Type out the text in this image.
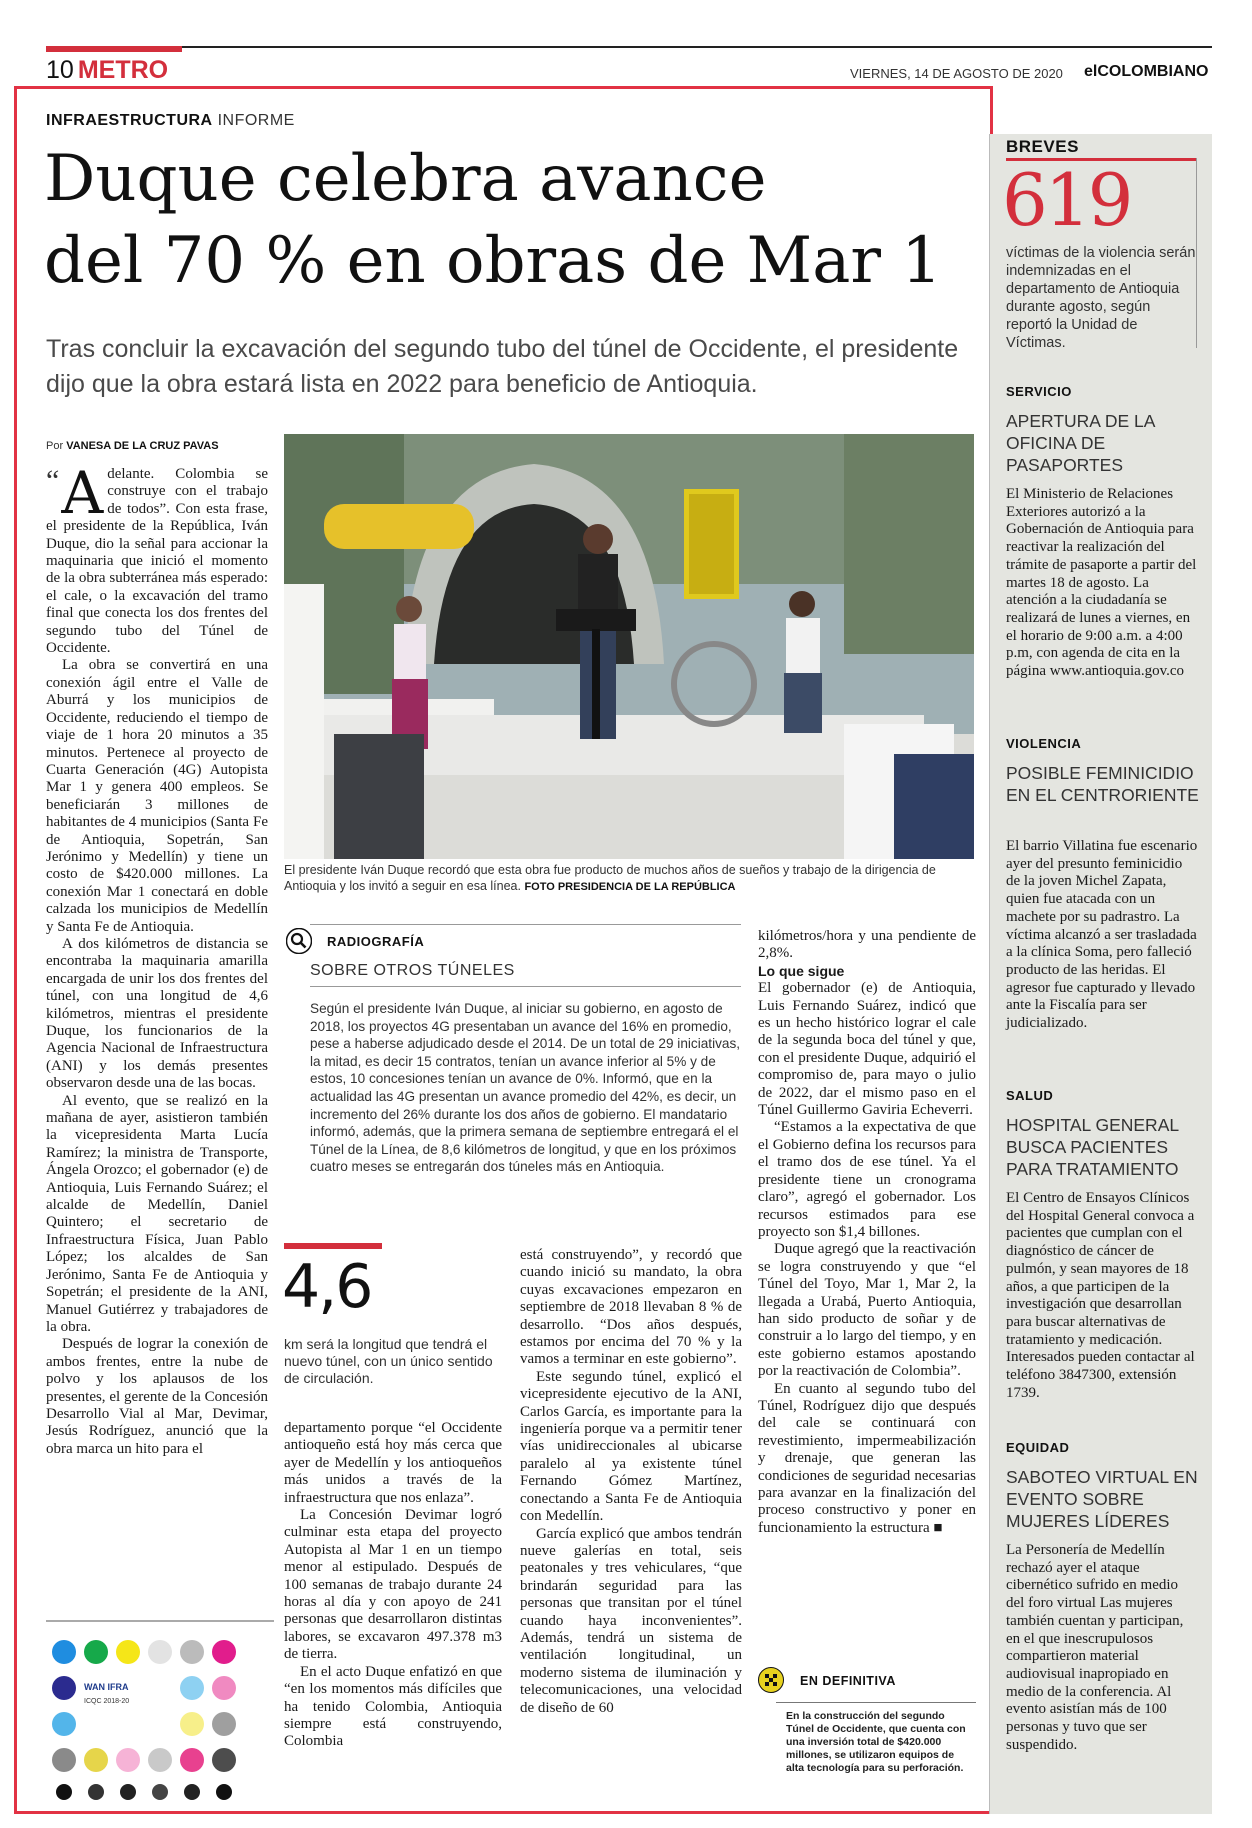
10 METRO	VIERNES, 14 DE AGOSTO DE 2020 elCOLOMBIANO
INFRAESTRUCTURA INFORME
Duque celebra avance
del 70 % en obras de Mar 1
Tras concluir la excavación del segundo tubo del túnel de Occidente, el presidente dijo que la obra estará lista en 2022 para beneficio de Antioquia.
Por VANESA DE LA CRUZ PAVAS

“ A delante. Colombia se construye con el trabajo de todos”. Con esta frase, el presidente de la República, Iván Duque, dio la señal para accionar la maquinaria que inició el momento de la obra subterránea más esperado: el cale, o la excavación del tramo final que conecta los dos frentes del segundo tubo del Túnel de Occidente.

La obra se convertirá en una conexión ágil entre el Valle de Aburrá y los municipios de Occidente, reduciendo el tiempo de viaje de 1 hora 20 minutos a 35 minutos. Pertenece al proyecto de Cuarta Generación (4G) Autopista Mar 1 y genera 400 empleos. Se beneficiarán 3 millones de habitantes de 4 municipios (Santa Fe de Antioquia, Sopetrán, San Jerónimo y Medellín) y tiene un costo de $420.000 millones. La conexión Mar 1 conectará en doble calzada los municipios de Medellín y Santa Fe de Antioquia.

A dos kilómetros de distancia se encontraba la maquinaria amarilla encargada de unir los dos frentes del túnel, con una longitud de 4,6 kilómetros, mientras el presidente Duque, los funcionarios de la Agencia Nacional de Infraestructura (ANI) y los demás presentes observaron desde una de las bocas.

Al evento, que se realizó en la mañana de ayer, asistieron también la vicepresidenta Marta Lucía Ramírez; la ministra de Transporte, Ángela Orozco; el gobernador (e) de Antioquia, Luis Fernando Suárez; el alcalde de Medellín, Daniel Quintero; el secretario de Infraestructura Física, Juan Pablo López; los alcaldes de San Jerónimo, Santa Fe de Antioquia y Sopetrán; el presidente de la ANI, Manuel Gutiérrez y trabajadores de la obra.

Después de lograr la conexión de ambos frentes, entre la nube de polvo y los aplausos de los presentes, el gerente de la Concesión Desarrollo Vial al Mar, Devimar, Jesús Rodríguez, anunció que la obra marca un hito para el

El presidente Iván Duque recordó que esta obra fue producto de muchos años de sueños y trabajo de la dirigencia de Antioquia y los invitó a seguir en esa línea. FOTO PRESIDENCIA DE LA REPÚBLICA
RADIOGRAFÍA
SOBRE OTROS TÚNELES
Según el presidente Iván Duque, al iniciar su gobierno, en agosto de 2018, los proyectos 4G presentaban un avance del 16% en promedio, pese a haberse adjudicado desde el 2014. De un total de 29 iniciativas, la mitad, es decir 15 contratos, tenían un avance inferior al 5% y de estos, 10 concesiones tenían un avance de 0%. Informó, que en la actualidad las 4G presentan un avance promedio del 42%, es decir, un incremento del 26% durante los dos años de gobierno. El mandatario informó, además, que la primera semana de septiembre entregará el el Túnel de la Línea, de 8,6 kilómetros de longitud, y que en los próximos cuatro meses se entregarán dos túneles más en Antioquia.
4,6
km será la longitud que tendrá el nuevo túnel, con un único sentido de circulación.

departamento porque “el Occidente antioqueño está hoy más cerca que ayer de Medellín y los antioqueños más unidos a través de la infraestructura que nos enlaza”.

La Concesión Devimar logró culminar esta etapa del proyecto Autopista al Mar 1 en un tiempo menor al estipulado. Después de 100 semanas de trabajo durante 24 horas al día y con apoyo de 241 personas que desarrollaron distintas labores, se excavaron 497.378 m3 de tierra.

En el acto Duque enfatizó en que “en los momentos más difíciles que ha tenido Colombia, Antioquia siempre está construyendo, Colombia

está construyendo”, y recordó que cuando inició su mandato, la obra cuyas excavaciones empezaron en septiembre de 2018 llevaban 8 % de desarrollo. “Dos años después, estamos por encima del 70 % y la vamos a terminar en este gobierno”.

Este segundo túnel, explicó el vicepresidente ejecutivo de la ANI, Carlos García, es importante para la ingeniería porque va a permitir tener vías unidireccionales al ubicarse paralelo al ya existente túnel Fernando Gómez Martínez, conectando a Santa Fe de Antioquia con Medellín.

García explicó que ambos tendrán nueve galerías en total, seis peatonales y tres vehiculares, “que brindarán seguridad para las personas que transitan por el túnel cuando haya inconvenientes”. Además, tendrá un sistema de ventilación longitudinal, un moderno sistema de iluminación y telecomunicaciones, una velocidad de diseño de 60

kilómetros/hora y una pendiente de 2,8%.

Lo que sigue

El gobernador (e) de Antioquia, Luis Fernando Suárez, indicó que es un hecho histórico lograr el cale de la segunda boca del túnel y que, con el presidente Duque, adquirió el compromiso de, para mayo o julio de 2022, dar el mismo paso en el Túnel Guillermo Gaviria Echeverri.

“Estamos a la expectativa de que el Gobierno defina los recursos para el tramo dos de ese túnel. Ya el presidente tiene un cronograma claro”, agregó el gobernador. Los recursos estimados para ese proyecto son $1,4 billones.

Duque agregó que la reactivación se logra construyendo y que “el Túnel del Toyo, Mar 1, Mar 2, la llegada a Urabá, Puerto Antioquia, han sido producto de soñar y de construir a lo largo del tiempo, y en este gobierno estamos apostando por la reactivación de Colombia”.

En cuanto al segundo tubo del Túnel, Rodríguez dijo que después del cale se continuará con revestimiento, impermeabilización y drenaje, que generan las condiciones de seguridad necesarias para avanzar en la finalización del proceso constructivo y poner en funcionamiento la estructura ■

EN DEFINITIVA
En la construcción del segundo Túnel de Occidente, que cuenta con una inversión total de $420.000 millones, se utilizaron equipos de alta tecnología para su perforación.
WAN IFRA
ICQC 2018-20
BREVES
619
víctimas de la violencia serán indemnizadas en el departamento de Antioquia durante agosto, según reportó la Unidad de Víctimas.
SERVICIO
APERTURA DE LA OFICINA DE PASAPORTES
El Ministerio de Relaciones Exteriores autorizó a la Gobernación de Antioquia para reactivar la realización del trámite de pasaporte a partir del martes 18 de agosto. La atención a la ciudadanía se realizará de lunes a viernes, en el horario de 9:00 a.m. a 4:00 p.m, con agenda de cita en la página www.antioquia.gov.co
VIOLENCIA
POSIBLE FEMINICIDIO EN EL CENTRORIENTE
El barrio Villatina fue escenario ayer del presunto feminicidio de la joven Michel Zapata, quien fue atacada con un machete por su padrastro. La víctima alcanzó a ser trasladada a la clínica Soma, pero falleció producto de las heridas. El agresor fue capturado y llevado ante la Fiscalía para ser judicializado.
SALUD
HOSPITAL GENERAL BUSCA PACIENTES PARA TRATAMIENTO
El Centro de Ensayos Clínicos del Hospital General convoca a pacientes que cumplan con el diagnóstico de cáncer de pulmón, y sean mayores de 18 años, a que participen de la investigación que desarrollan para buscar alternativas de tratamiento y medicación. Interesados pueden contactar al teléfono 3847300, extensión 1739.
EQUIDAD
SABOTEO VIRTUAL EN EVENTO SOBRE MUJERES LÍDERES
La Personería de Medellín rechazó ayer el ataque cibernético sufrido en medio del foro virtual Las mujeres también cuentan y participan, en el que inescrupulosos compartieron material audiovisual inapropiado en medio de la conferencia. Al evento asistían más de 100 personas y tuvo que ser suspendido.
